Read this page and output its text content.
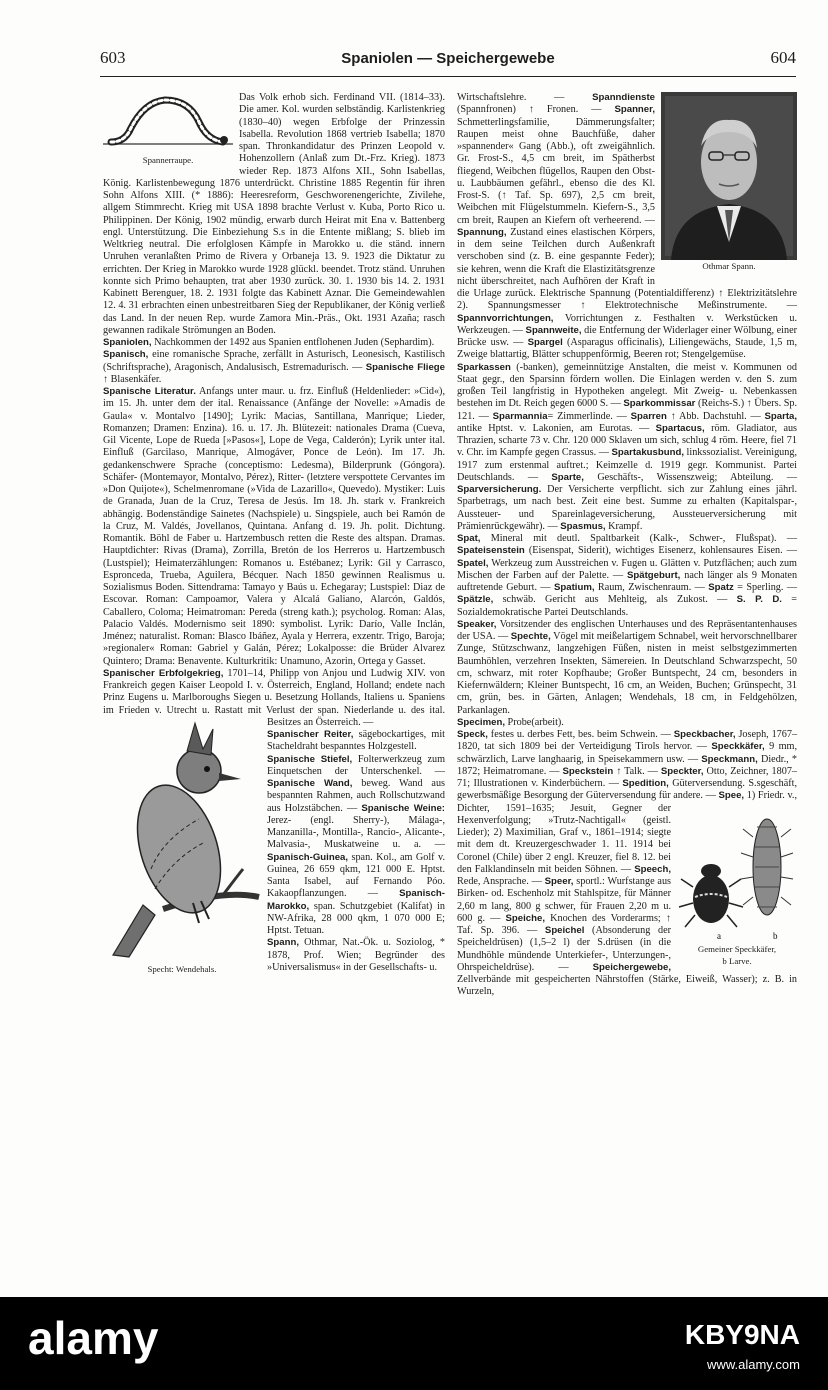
603	Spaniolen — Speichergewebe	604

Spannerraupe.
Das Volk erhob sich. Ferdinand VII. (1814–33). Die amer. Kol. wurden selbständig. Karlistenkrieg (1830–40) wegen Erbfolge der Prinzessin Isabella. Revolution 1868 vertrieb Isabella; 1870 span. Thronkandidatur des Prinzen Leopold v. Hohenzollern (Anlaß zum Dt.-Frz. Krieg). 1873 wieder Rep. 1873 Alfons XII., Sohn Isabellas, König. Karlistenbewegung 1876 unterdrückt. Christine 1885 Regentin für ihren Sohn Alfons XIII. (* 1886): Heeresreform, Geschworenengerichte, Zivilehe, allgem Stimmrecht. Krieg mit USA 1898 brachte Verlust v. Kuba, Porto Rico u. Philippinen. Der König, 1902 mündig, erwarb durch Heirat mit Ena v. Battenberg engl. Unterstützung. Die Einbeziehung S.s in die Entente mißlang; S. blieb im Weltkrieg neutral. Die erfolglosen Kämpfe in Marokko u. die ständ. innern Unruhen veranlaßten Primo de Rivera y Orbaneja 13. 9. 1923 die Diktatur zu errichten. Der Krieg in Marokko wurde 1928 glückl. beendet. Trotz ständ. Unruhen konnte sich Primo behaupten, trat aber 1930 zurück. 30. 1. 1930 bis 14. 2. 1931 Kabinett Berenguer, 18. 2. 1931 folgte das Kabinett Aznar. Die Gemeindewahlen 12. 4. 31 erbrachten einen unbestreitbaren Sieg der Republikaner, der König verließ das Land. In der neuen Rep. wurde Zamora Min.-Präs., Okt. 1931 Azaña; rasch gewannen radikale Strömungen an Boden.

Spaniolen, Nachkommen der 1492 aus Spanien entflohenen Juden (Sephardim).

Spanisch, eine romanische Sprache, zerfällt in Asturisch, Leonesisch, Kastilisch (Schriftsprache), Aragonisch, Andalusisch, Estremadurisch. — Spanische Fliege ↑ Blasenkäfer.

Spanische Literatur. Anfangs unter maur. u. frz. Einfluß (Heldenlieder: »Cid«), im 15. Jh. unter dem der ital. Renaissance (Anfänge der Novelle: »Amadis de Gaula« v. Montalvo [1490]; Lyrik: Macias, Santillana, Manrique; Lieder, Romanzen; Dramen: Enzina). 16. u. 17. Jh. Blütezeit: nationales Drama (Cueva, Gil Vicente, Lope de Rueda [»Pasos«], Lope de Vega, Calderón); Lyrik unter ital. Einfluß (Garcilaso, Manrique, Almogáver, Ponce de León). Im 17. Jh. gedankenschwere Sprache (conceptismo: Ledesma), Bilderprunk (Góngora). Schäfer- (Montemayor, Montalvo, Pérez), Ritter- (letztere verspottete Cervantes im »Don Quijote«), Schelmenromane (»Vida de Lazarillo«, Quevedo). Mystiker: Luis de Granada, Juan de la Cruz, Teresa de Jesús. Im 18. Jh. stark v. Frankreich abhängig. Bodenständige Sainetes (Nachspiele) u. Singspiele, auch bei Ramón de la Cruz, M. Valdés, Jovellanos, Quintana. Anfang d. 19. Jh. polit. Dichtung. Romantik. Böhl de Faber u. Hartzembusch retten die Reste des altspan. Dramas. Hauptdichter: Rivas (Drama), Zorrilla, Bretón de los Herreros u. Hartzembusch (Lustspiel); Heimaterzählungen: Romanos u. Estébanez; Lyrik: Gil y Carrasco, Espronceda, Trueba, Aguilera, Bécquer. Nach 1850 gewinnen Realismus u. Sozialismus Boden. Sittendrama: Tamayo y Baús u. Echegaray; Lustspiel: Diaz de Escovar. Roman: Campoamor, Valera y Alcalá Galiano, Alarcón, Galdós, Caballero, Coloma; Heimatroman: Pereda (streng kath.); psycholog. Roman: Alas, Palacio Valdés. Modernismo seit 1890: symbolist. Lyrik: Darío, Valle Inclán, Jménez; naturalist. Roman: Blasco Ibáñez, Ayala y Herrera, exzentr. Trigo, Baroja; »regionaler« Roman: Gabriel y Galán, Pérez; Lokalposse: die Brüder Alvarez Quintero; Drama: Benavente. Kulturkritik: Unamuno, Azorin, Ortega y Gasset.

Spanischer Erbfolgekrieg, 1701–14, Philipp von Anjou und Ludwig XIV. von Frankreich gegen Kaiser Leopold I. v. Österreich, England, Holland; endete nach Prinz Eugens u. Marlboroughs Siegen u. Besetzung Hollands, Italiens u. Spaniens im Frieden v. Utrecht u. Rastatt mit Verlust der span. Niederlande u. des ital. Besitzes an Österreich. —
Specht: Wendehals.

Spanischer Reiter, sägebockartiges, mit Stacheldraht bespanntes Holzgestell.

Spanische Stiefel, Folterwerkzeug zum Einquetschen der Unterschenkel. — Spanische Wand, beweg. Wand aus bespannten Rahmen, auch Rollschutzwand aus Holzstäbchen. — Spanische Weine: Jerez- (engl. Sherry-), Málaga-, Manzanilla-, Montilla-, Rancio-, Alicante-, Malvasia-, Muskatweine u. a. — Spanisch-Guinea, span. Kol., am Golf v. Guinea, 26 659 qkm, 121 000 E. Hptst. Santa Isabel, auf Fernando Póo. Kakaopflanzungen. — Spanisch-Marokko, span. Schutzgebiet (Kalifat) in NW-Afrika, 28 000 qkm, 1 070 000 E; Hptst. Tetuan.

Spann, Othmar, Nat.-Ök. u. Soziolog, * 1878, Prof. Wien; Begründer des »Universalismus« in der Gesellschafts- u.

Othmar Spann.
Wirtschaftslehre. —	Spanndienste (Spannfronen) ↑ Fronen. — Spanner, Schmetterlingsfamilie, Dämmerungsfalter; Raupen meist ohne Bauchfüße, daher »spannender« Gang (Abb.), oft zweigähnlich. Gr. Frost-S., 4,5 cm breit, im Spätherbst fliegend, Weibchen flügellos, Raupen den Obst- u. Laubbäumen gefährl., ebenso die des Kl. Frost-S. (↑ Taf. Sp. 697), 2,5 cm breit, Weibchen mit Flügelstummeln. Kiefern-S., 3,5 cm breit, Raupen an Kiefern oft verheerend. — Spannung, Zustand eines elastischen Körpers, in dem seine Teilchen durch Außenkraft verschoben sind (z. B. eine gespannte Feder); sie kehren, wenn die Kraft die Elastizitätsgrenze nicht überschreitet, nach Aufhören der Kraft in die Urlage zurück. Elektrische Spannung (Potentialdifferenz) ↑ Elektrizitätslehre 2). Spannungsmesser ↑ Elektrotechnische Meßinstrumente. — Spannvorrichtungen, Vorrichtungen z. Festhalten v. Werkstücken u. Werkzeugen. — Spannweite, die Entfernung der Widerlager einer Wölbung, einer Brücke usw. — Spargel (Asparagus officinalis), Liliengewächs, Staude, 1,5 m, Zweige blattartig, Blätter schuppenförmig, Beeren rot; Stengelgemüse.

Sparkassen (-banken), gemeinnützige Anstalten, die meist v. Kommunen od Staat gegr., den Sparsinn fördern wollen. Die Einlagen werden v. den S. zum großen Teil langfristig in Hypotheken angelegt. Mit Zweig- u. Nebenkassen bestehen im Dt. Reich gegen 6000 S. — Sparkommissar (Reichs-S.) ↑ Übers. Sp. 121. — Sparmannia= Zimmerlinde. — Sparren ↑ Abb. Dachstuhl. — Sparta, antike Hptst. v. Lakonien, am Eurotas. — Spartacus, röm. Gladiator, aus Thrazien, scharte 73 v. Chr. 120 000 Sklaven um sich, schlug 4 röm. Heere, fiel 71 v. Chr. im Kampfe gegen Crassus. — Spartakusbund, linkssozialist. Vereinigung, 1917 zum erstenmal auftret.; Keimzelle d. 1919 gegr. Kommunist. Partei Deutschlands. — Sparte, Geschäfts-, Wissenszweig; Abteilung. — Sparversicherung. Der Versicherte verpflicht. sich zur Zahlung eines jährl. Sparbetrags, um nach best. Zeit eine best. Summe zu erhalten (Kapitalspar-, Aussteuer- und Spareinlageversicherung, Aussteuerversicherung mit Prämienrückgewähr). — Spasmus, Krampf.

Spat, Mineral mit deutl. Spaltbarkeit (Kalk-, Schwer-, Flußspat). — Spateisenstein (Eisenspat, Siderit), wichtiges Eisenerz, kohlensaures Eisen. — Spatel, Werkzeug zum Ausstreichen v. Fugen u. Glätten v. Putzflächen; auch zum Mischen der Farben auf der Palette. — Spätgeburt, nach länger als 9 Monaten auftretende Geburt. — Spatium, Raum, Zwischenraum. — Spatz = Sperling. — Spätzle, schwäb. Gericht aus Mehlteig, als Zukost. — S. P. D. = Sozialdemokratische Partei Deutschlands.

Speaker, Vorsitzender des englischen Unterhauses und des Repräsentantenhauses der USA. — Spechte, Vögel mit meißelartigem Schnabel, weit hervorschnellbarer Zunge, Stützschwanz, langzehigen Füßen, nisten in meist selbstgezimmerten Baumhöhlen, verzehren Insekten, Sämereien. In Deutschland Schwarzspecht, 50 cm, schwarz, mit roter Kopfhaube; Großer Buntspecht, 24 cm, besonders in Kiefernwäldern; Kleiner Buntspecht, 16 cm, an Weiden, Buchen; Grünspecht, 31 cm, grün, bes. in Gärten, Anlagen; Wendehals, 18 cm, in Feldgehölzen, Parkanlagen.

Specimen, Probe(arbeit).

Speck, festes u. derbes Fett, bes. beim Schwein. — Speckbacher, Joseph, 1767–1820, tat sich 1809 bei der Verteidigung Tirols hervor. — Speckkäfer, 9 mm, schwärzlich, Larve langhaarig, in Speisekammern usw. — Speckmann, Diedr., * 1872; Heimatromane. — Speckstein ↑ Talk. — Speckter, Otto, Zeichner, 1807–71; Illustrationen v. Kinderbüchern. — Spedition, Güterversendung. S.sgeschäft, gewerbsmäßige Besorgung der Güterversendung für andere. —
a	b
Gemeiner Speckkäfer,
b Larve.
Spee, 1) Friedr. v., Dichter, 1591–1635; Jesuit, Gegner der Hexenverfolgung; »Trutz-Nachtigall« (geistl. Lieder); 2) Maximilian, Graf v., 1861–1914; siegte mit dem dt. Kreuzergeschwader 1. 11. 1914 bei Coronel (Chile) über 2 engl. Kreuzer, fiel 8. 12. bei den Falklandinseln mit beiden Söhnen. — Speech, Rede, Ansprache. — Speer, sportl.: Wurfstange aus Birken- od. Eschenholz mit Stahlspitze, für Männer 2,60 m lang, 800 g schwer, für Frauen 2,20 m u. 600 g. — Speiche, Knochen des Vorderarms; ↑ Taf. Sp. 396. — Speichel (Absonderung der Speicheldrüsen) (1,5–2 l) der S.drüsen (in die Mundhöhle mündende Unterkiefer-, Unterzungen-, Ohrspeicheldrüse). —	Speichergewebe, Zellverbände mit gespeicherten Nährstoffen (Stärke, Eiweiß, Wasser); z. B. in Wurzeln,

alamy	KBY9NA
www.alamy.com
